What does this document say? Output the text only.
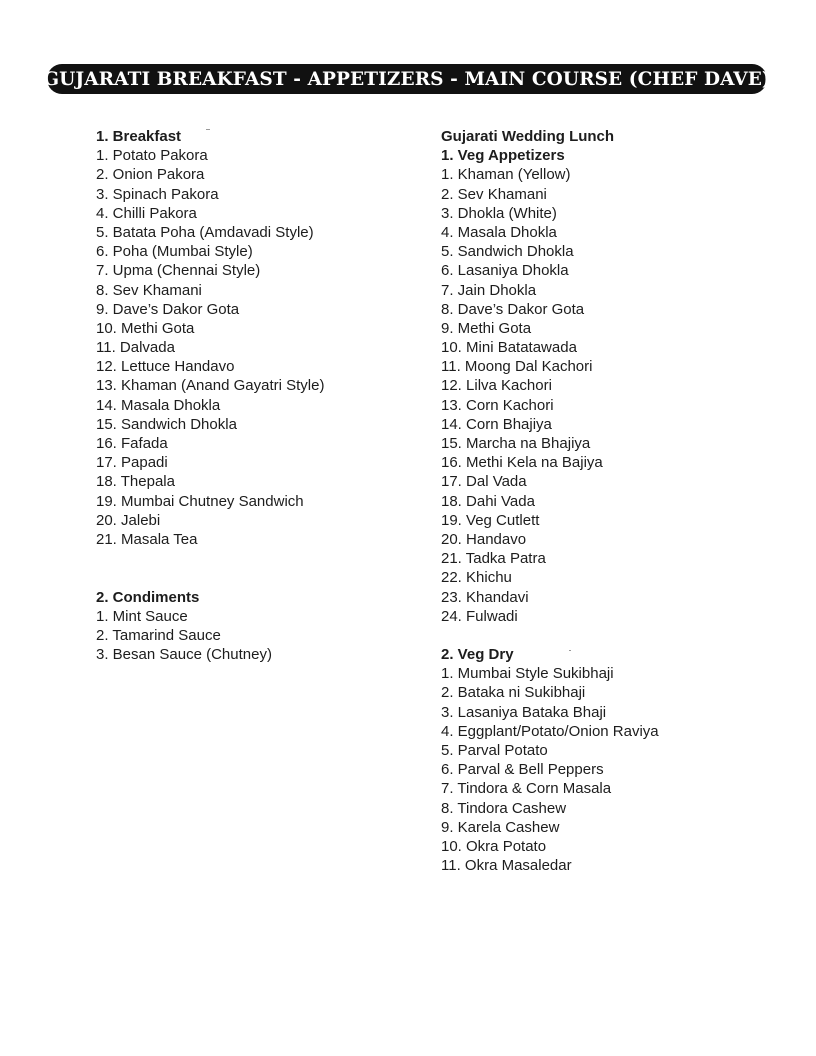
GUJARATI BREAKFAST - APPETIZERS - MAIN COURSE (CHEF DAVE)
1. Breakfast
1. Potato Pakora
2. Onion Pakora
3. Spinach Pakora
4. Chilli Pakora
5. Batata Poha (Amdavadi Style)
6. Poha (Mumbai Style)
7. Upma (Chennai Style)
8. Sev Khamani
9. Dave’s Dakor Gota
10. Methi Gota
11. Dalvada
12. Lettuce Handavo
13. Khaman (Anand Gayatri Style)
14. Masala Dhokla
15. Sandwich Dhokla
16. Fafada
17. Papadi
18. Thepala
19. Mumbai Chutney Sandwich
20. Jalebi
21. Masala Tea
2. Condiments
1. Mint Sauce
2. Tamarind Sauce
3. Besan Sauce (Chutney)
Gujarati Wedding Lunch
1. Veg Appetizers
1. Khaman (Yellow)
2. Sev Khamani
3. Dhokla (White)
4. Masala Dhokla
5. Sandwich Dhokla
6. Lasaniya Dhokla
7. Jain Dhokla
8. Dave’s Dakor Gota
9. Methi Gota
10. Mini Batatawada
11. Moong Dal Kachori
12. Lilva Kachori
13. Corn Kachori
14. Corn Bhajiya
15. Marcha na Bhajiya
16. Methi Kela na Bajiya
17. Dal Vada
18. Dahi Vada
19. Veg Cutlett
20. Handavo
21. Tadka Patra
22. Khichu
23. Khandavi
24. Fulwadi
2. Veg Dry
1. Mumbai Style Sukibhaji
2. Bataka ni Sukibhaji
3. Lasaniya Bataka Bhaji
4. Eggplant/Potato/Onion Raviya
5. Parval Potato
6. Parval & Bell Peppers
7. Tindora & Corn Masala
8. Tindora Cashew
9. Karela Cashew
10. Okra Potato
11. Okra Masaledar
